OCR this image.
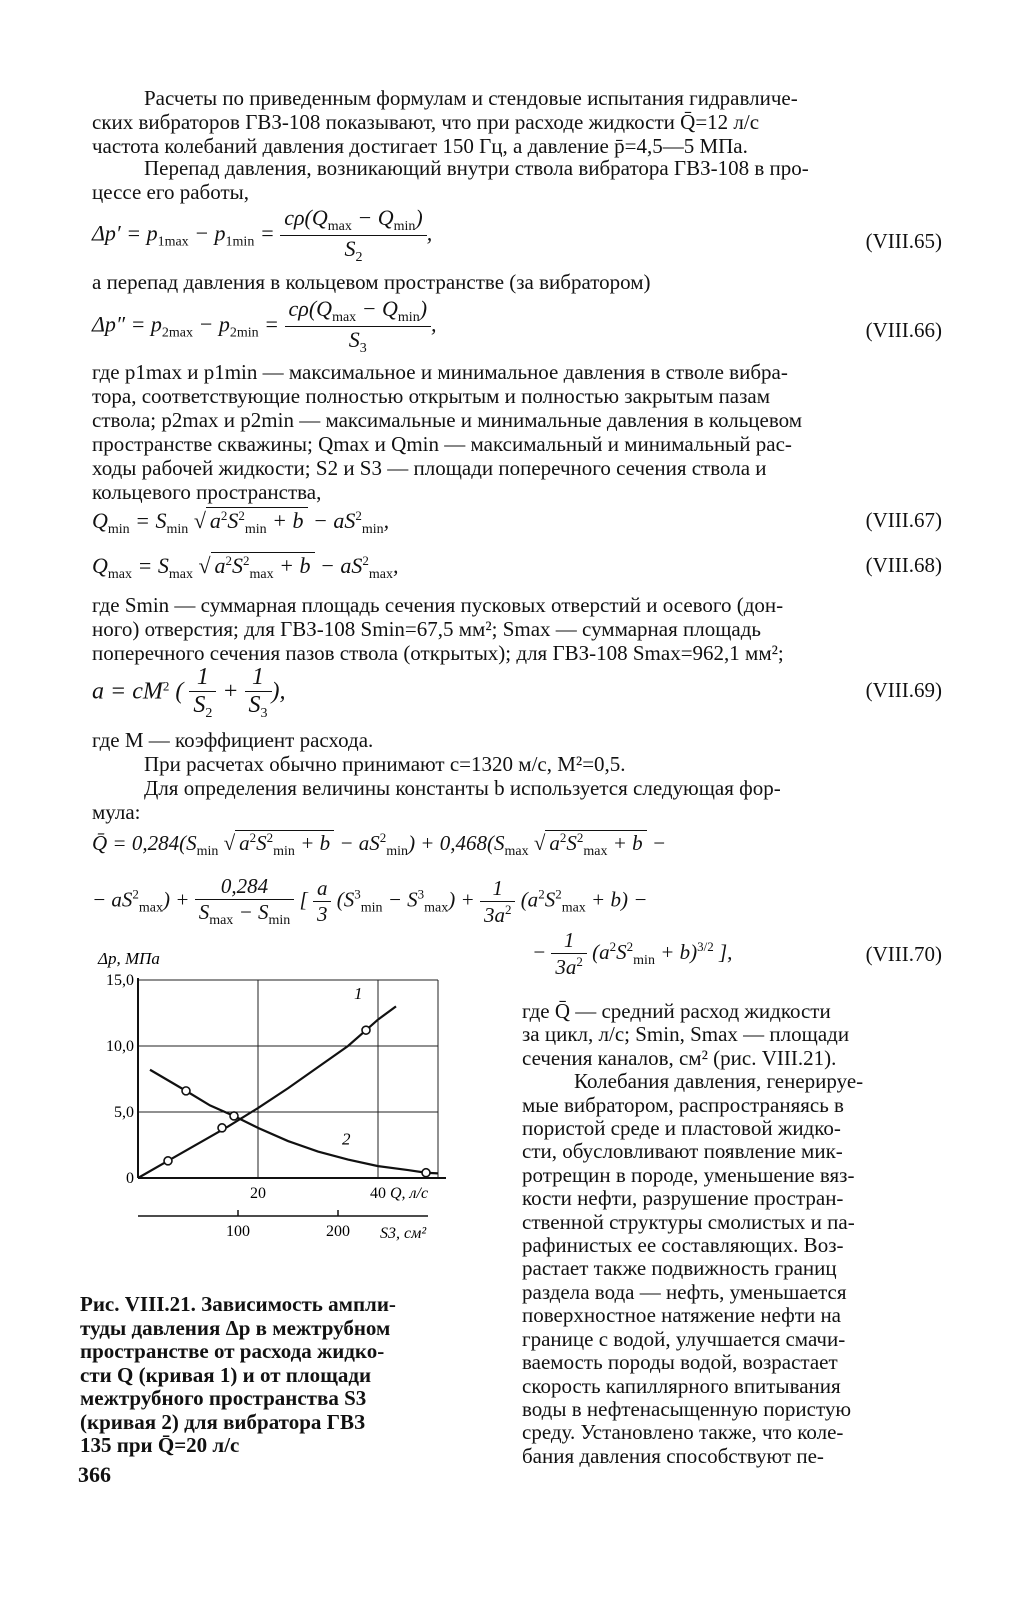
Расчеты по приведенным формулам и стендовые испытания гидравличе-
ских вибраторов ГВЗ-108 показывают, что при расходе жидкости Q̄=12 л/с
частота колебаний давления достигает 150 Гц, а давление p̄=4,5—5 МПа.
Перепад давления, возникающий внутри ствола вибратора ГВЗ-108 в про-
цессе его работы,
$\Delta p' = p_{1max} - p_{1min} = \frac{c\rho(Q_{max} - Q_{min})}{S_2}$ ,	(VIII.65)
а перепад давления в кольцевом пространстве (за вибратором)
$\Delta p'' = p_{2max} - p_{2min} = \frac{c\rho(Q_{max} - Q_{min})}{S_3}$ ,	(VIII.66)
где p1max и p1min — максимальное и минимальное давления в стволе вибра-
тора, соответствующие полностью открытым и полностью закрытым пазам
ствола; p2max и p2min — максимальные и минимальные давления в кольцевом
пространстве скважины; Qmax и Qmin — максимальный и минимальный рас-
ходы рабочей жидкости; S2 и S3 — площади поперечного сечения ствола и
кольцевого пространства,
$Q_{min} = S_{min}$ √ $a^2S^2_{min} + b - aS^2_{min}$,	(VIII.67)
$Q_{max} = S_{max}$ √ $a^2S^2_{max} + b - aS^2_{max}$,	(VIII.68)
где Smin — суммарная площадь сечения пусковых отверстий и осевого (дон-
ного) отверстия; для ГВЗ-108 Smin=67,5 мм²; Smax — суммарная площадь
поперечного сечения пазов ствола (открытых); для ГВЗ-108 Smax=962,1 мм²;
$a = cM^2$ ( $\frac{1}{S_2} + \frac{1}{S_3}$ ),	(VIII.69)
где M — коэффициент расхода.
При расчетах обычно принимают c=1320 м/с, M²=0,5.
Для определения величины константы b используется следующая фор-
мула:
Q̄ = $0,284(S_{min}$ √ $a^2S^2_{min} + b - aS^2_{min}) + 0,468(S_{max}$ √ $a^2S^2_{max} + b$ −
− $aS^2_{max}) + \frac{0,284}{S_{max} - S_{min}}$ [ $\frac{a}{3} (S^3_{min} - S^3_{max}) + \frac{1}{3a^2} (a^2S^2_{max} + b)$ −
− $\frac{1}{3a^2} (a^2S^2_{min} + b)^{3/2}$ ],	(VIII.70)
0
5,0
10,0
15,0
20	40
100	200
1
2
Δp, МПа
Q, л/с
S3, см²
Рис. VIII.21. Зависимость ампли-
туды давления Δp в межтрубном
пространстве от расхода жидко-
сти Q (кривая 1) и от площади
межтрубного пространства S3
(кривая 2) для вибратора ГВЗ
135 при Q̄=20 л/с
где Q̄ — средний расход жидкости
за цикл, л/с; Smin, Smax — площади
сечения каналов, см² (рис. VIII.21).
Колебания давления, генерируе-
мые вибратором, распространяясь в
пористой среде и пластовой жидко-
сти, обусловливают появление мик-
ротрещин в породе, уменьшение вяз-
кости нефти, разрушение простран-
ственной структуры смолистых и па-
рафинистых ее составляющих. Воз-
растает также подвижность границ
раздела вода — нефть, уменьшается
поверхностное натяжение нефти на
границе с водой, улучшается смачи-
ваемость породы водой, возрастает
скорость капиллярного впитывания
воды в нефтенасыщенную пористую
среду. Установлено также, что коле-
бания давления способствуют пе-
366
